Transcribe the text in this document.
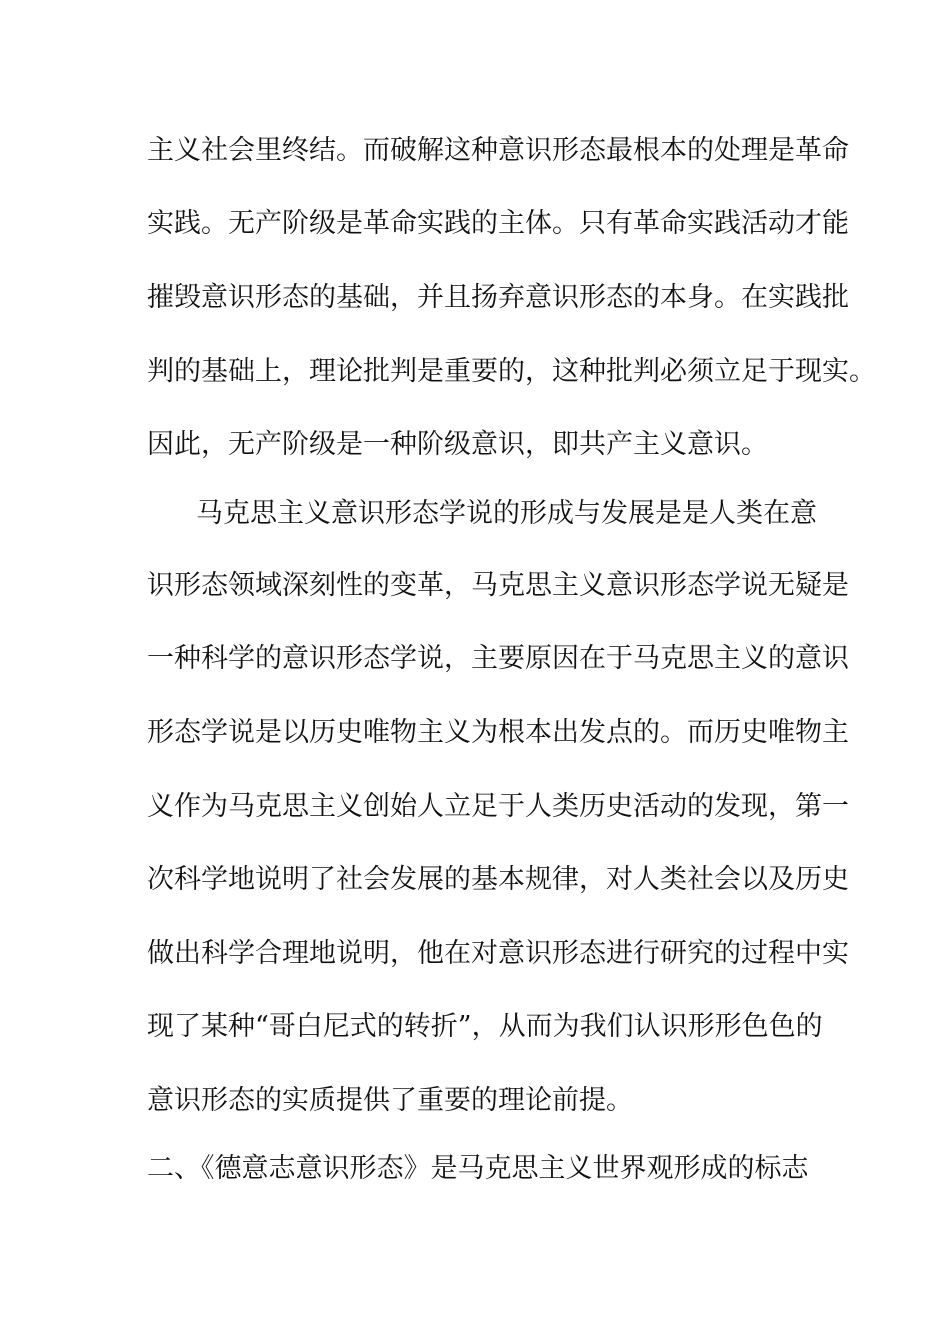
主义社会里终结。而破解这种意识形态最根本的处理是革命
实践。无产阶级是革命实践的主体。只有革命实践活动才能
摧毁意识形态的基础，并且扬弃意识形态的本身。在实践批
判的基础上，理论批判是重要的，这种批判必须立足于现实。
因此，无产阶级是一种阶级意识，即共产主义意识。
马克思主义意识形态学说的形成与发展是是人类在意
识形态领域深刻性的变革，马克思主义意识形态学说无疑是
一种科学的意识形态学说，主要原因在于马克思主义的意识
形态学说是以历史唯物主义为根本出发点的。而历史唯物主
义作为马克思主义创始人立足于人类历史活动的发现，第一
次科学地说明了社会发展的基本规律，对人类社会以及历史
做出科学合理地说明，他在对意识形态进行研究的过程中实
现了某种“哥白尼式的转折”，从而为我们认识形形色色的
意识形态的实质提供了重要的理论前提。
二、《德意志意识形态》是马克思主义世界观形成的标志
